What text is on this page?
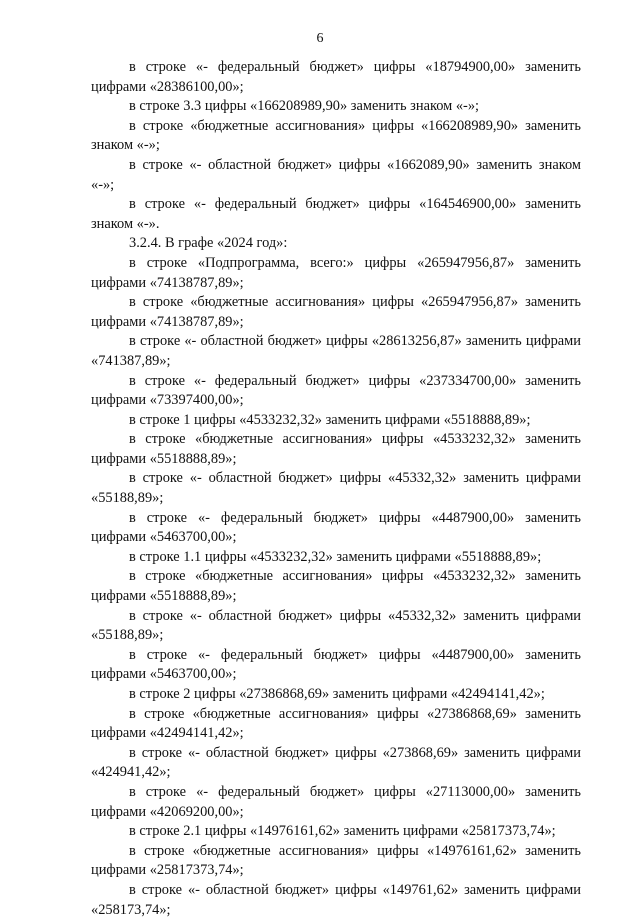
6

в строке «- федеральный бюджет» цифры «18794900,00» заменить цифрами «28386100,00»;

в строке 3.3 цифры «166208989,90» заменить знаком «-»;

в строке «бюджетные ассигнования» цифры «166208989,90» заменить знаком «-»;

в строке «- областной бюджет» цифры «1662089,90» заменить знаком «-»;

в строке «- федеральный бюджет» цифры «164546900,00» заменить знаком «-».

3.2.4. В графе «2024 год»:

в строке «Подпрограмма, всего:» цифры «265947956,87» заменить цифрами «74138787,89»;

в строке «бюджетные ассигнования» цифры «265947956,87» заменить цифрами «74138787,89»;

в строке «- областной бюджет» цифры «28613256,87» заменить цифрами «741387,89»;

в строке «- федеральный бюджет» цифры «237334700,00» заменить цифрами «73397400,00»;

в строке 1 цифры «4533232,32» заменить цифрами «5518888,89»;

в строке «бюджетные ассигнования» цифры «4533232,32» заменить цифрами «5518888,89»;

в строке «- областной бюджет» цифры «45332,32» заменить цифрами «55188,89»;

в строке «- федеральный бюджет» цифры «4487900,00» заменить цифрами «5463700,00»;

в строке 1.1 цифры «4533232,32» заменить цифрами «5518888,89»;

в строке «бюджетные ассигнования» цифры «4533232,32» заменить цифрами «5518888,89»;

в строке «- областной бюджет» цифры «45332,32» заменить цифрами «55188,89»;

в строке «- федеральный бюджет» цифры «4487900,00» заменить цифрами «5463700,00»;

в строке 2 цифры «27386868,69» заменить цифрами «42494141,42»;

в строке «бюджетные ассигнования» цифры «27386868,69» заменить цифрами «42494141,42»;

в строке «- областной бюджет» цифры «273868,69» заменить цифрами «424941,42»;

в строке «- федеральный бюджет» цифры «27113000,00» заменить цифрами «42069200,00»;

в строке 2.1 цифры «14976161,62» заменить цифрами «25817373,74»;

в строке «бюджетные ассигнования» цифры «14976161,62» заменить цифрами «25817373,74»;

в строке «- областной бюджет» цифры «149761,62» заменить цифрами «258173,74»;
